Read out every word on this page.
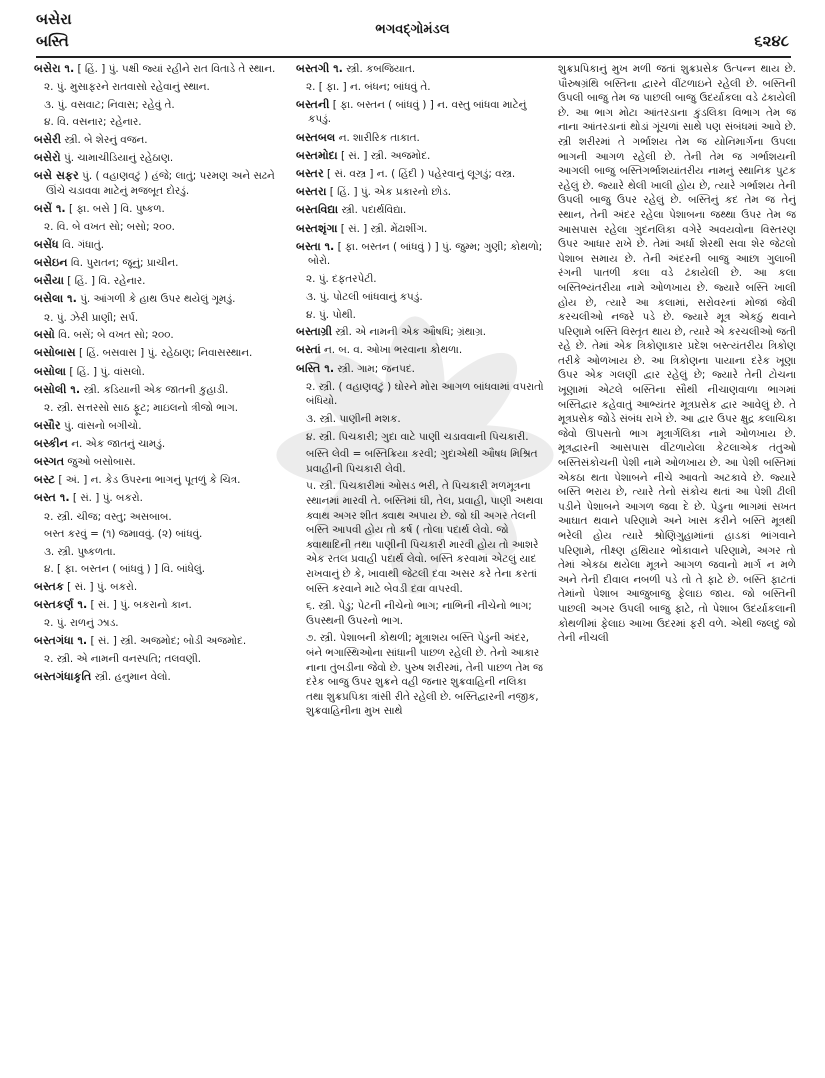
બસેરા
બસ્તિ
ભગવદ્ગોમંડલ
૬૨૪૮
બસેરા ૧. [ હિં. ] પું. પક્ષી જ્યાં રહીને રાત વિતાડે તે સ્થાન.
૨. પું. મુસાફરને રાતવાસો રહેવાનું સ્થાન.
૩. પું. વસવાટ; નિવાસ; રહેવું તે.
૪. વિ. વસનાર; રહેનાર.
બસેરી સ્ત્રી. બે શેરનું વજન.
બસેરો પું. ચામાચીડિયાનું રહેઠાણ.
બસે સફર પું. ( વહાણવટું ) હંજે; લાતું; પરમણ અને સઢને ઊંચે ચડાવવા માટેનું મજબૂત દોરડું.
બસેં ૧. [ ફા. બસે ] વિ. પુષ્કળ.
૨. વિ. બે વખત સો; બસો; ૨૦૦.
બસેંધ વિ. ગંધાતું.
બસેઇન વિ. પુરાતન; જૂનું; પ્રાચીન.
બસૈયા [ હિં. ] વિ. રહેનાર.
બસેલા ૧. પું. આંગળી કે હાથ ઉપર થયેલું ગૂમડું.
૨. પું. ઝેરી પ્રાણી; સર્પ.
બસો વિ. બસેં; બે વખત સો; ૨૦૦.
બસોબાસ [ હિં. બસવાસ ] પું. રહેઠાણ; નિવાસસ્થાન.
બસોલા [ હિં. ] પું. વાંસલો.
બસોલી ૧. સ્ત્રી. કડિયાની એક જાતની કુહાડી.
૨. સ્ત્રી. સત્તરસો સાઠ ફૂટ; માઇલનો ત્રીજો ભાગ.
બસૌર પું. વાંસનો બગીચો.
બસ્કીન ન. એક જાતનું ચામડું.
બસ્ગત જુઓ બસોબાસ.
બસ્ટ [ અં. ] ન. કેડ ઉપરના ભાગનું પૂતળું કે ચિત્ર.
બસ્ત ૧. [ સં. ] પું. બકરો.
૨. સ્ત્રી. ચીજ; વસ્તુ; અસબાબ.
બસ્ત કરવું = (૧) જમાવવું. (૨) બાંધવું.
૩. સ્ત્રી. પુષ્કળતા.
૪. [ ફા. બસ્તન ( બાંધવું ) ] વિ. બાંધેલું.
બસ્તક [ સં. ] પું. બકરો.
બસ્તકર્ણ ૧. [ સં. ] પું. બકરાનો કાન.
૨. પું. રાળનું ઝાડ.
બસ્તગંધા ૧. [ સં. ] સ્ત્રી. અજમોદ; બોડી અજમોદ.
૨. સ્ત્રી. એ નામની વનસ્પતિ; તલવણી.
બસ્તગંધાકૃતિ સ્ત્રી. હનુમાન વેલો.
બસ્તગી ૧. સ્ત્રી. કબજિયાત.
૨. [ ફા. ] ન. બંધન; બાંધવું તે.
બસ્તની [ ફા. બસ્તન ( બાંધવું ) ] ન. વસ્તુ બાંધવા માટેનું કપડું.
બસ્તબલ ન. શારીરિક તાકાત.
બસ્તમોદા [ સં. ] સ્ત્રી. અજમોદ.
બસ્તર [ સં. વસ્ત્ર ] ન. ( હિંદી ) પહેરવાનું લૂગડું; વસ્ત્ર.
બસ્તરા [ હિં. ] પું. એક પ્રકારનો છોડ.
બસ્તવિદ્યા સ્ત્રી. પદાર્થવિદ્યા.
બસ્તશૃંગા [ સં. ] સ્ત્રી. મેંઢાશીંગ.
બસ્તા ૧. [ ફા. બસ્તન ( બાંધવું ) ] પું. જુમ્મ; ગુણી; કોથળો; બોરો.
૨. પું. દફતરપેટી.
૩. પું. પોટલી બાંધવાનું કપડું.
૪. પું. પોથી.
બસ્તાગ્રી સ્ત્રી. એ નામની એક ઔષધિ; ગ્રંથાગ્ર.
બસ્તાં ન. બ. વ. ઓખા ભરવાના કોથળા.
બસ્તિ ૧. સ્ત્રી. ગામ; જનપદ.
૨. સ્ત્રી. ( વહાણવટું ) ઘોરને મોરા આગળ બાંધવામાં વપરાતો બંધિયો.
૩. સ્ત્રી. પાણીની મશક.
૪. સ્ત્રી. પિચકારી; ગુદા વાટે પાણી ચડાવવાની પિચકારી.
બસ્તિ લેવી = બસ્તિક્રિયા કરવી; ગુદાએથી ઔષધ મિશ્રિત પ્રવાહીની પિચકારી લેવી.
૫. સ્ત્રી. પિચકારીમાં ઓસડ ભરી, તે પિચકારી મળમૂત્રના સ્થાનમાં મારવી તે. બસ્તિમાં ઘી, તેલ, પ્રવાહી, પાણી અથવા ક્વાથ અગર શીત ક્વાથ અપાય છે. જો ઘી અગર તેલની બસ્તિ આપવી હોય તો કર્ષ ( તોલા પદાર્થ લેવો. જો ક્વાથાદિની તથા પાણીની પિચકારી મારવી હોય તો આશરે એક રતલ પ્રવાહી પદાર્થ લેવો. બસ્તિ કરવામાં એટલું યાદ રાખવાનું છે કે, ખાવાથી જેટલી દવા અસર કરે તેના કરતાં બસ્તિ કરવાને માટે બેવડી દવા વાપરવી.
૬. સ્ત્રી. પેડુ; પેટની નીચેનો ભાગ; નાભિની નીચેનો ભાગ; ઉપસ્થની ઉપરનો ભાગ.
૭. સ્ત્રી. પેશાબની કોથળી; મૂત્રાશય બસ્તિ પેડુની અંદર, બંને ભગાસ્થિઓના સાંધાની પાછળ રહેલી છે. તેનો આકાર નાના તુંબડીના જેવો છે. પુરુષ શરીરમાં, તેની પાછળ તેમ જ દરેક બાજુ ઉપર શુક્રને વહી જનાર શુક્રવાહિની નલિકા તથા શુક્રપ્રપિકા ત્રાંસી રીતે રહેલી છે. બસ્તિદ્વારની નજીક, શુક્રવાહિનીના મુખ સાથે
શુક્રપ્રપિકાનું મુખ મળી જતાં શુક્રપ્રસેક ઉત્પન્ન થાય છે. પૌરુષગ્રંથિ બસ્તિના દ્વારને વીંટળાઇને રહેલી છે. બસ્તિની ઉપલી બાજુ તેમ જ પાછલી બાજુ ઉદર્યાકલા વડે ઢંકાયેલી છે. આ ભાગ મોટા આંતરડાના કુંડલિકા વિભાગ તેમ જ નાના આંતરડાનાં થોડાં ગૂંચળાં સાથે પણ સંબંધમાં આવે છે. સ્ત્રી શરીરમાં તે ગર્ભાશય તેમ જ યોનિમાર્ગના ઉપલા ભાગની આગળ રહેલી છે. તેની તેમ જ ગર્ભાશયની આગલી બાજુ બસ્તિગર્ભાશયાંતરીય નામનું સ્થાનિક પુટક રહેલું છે. જ્યારે થેલી ખાલી હોય છે, ત્યારે ગર્ભાશય તેની ઉપલી બાજુ ઉપર રહેલું છે. બસ્તિનું કદ તેમ જ તેનું સ્થાન, તેની અંદર રહેલા પેશાબના જથ્થા ઉપર તેમ જ આસપાસ રહેલા ગુદનલિકા વગેરે અવયવોના વિસ્તરણ ઉપર આધાર રાખે છે. તેમાં અર્ધા શેરથી સવા શેર જેટલો પેશાબ સમાય છે. તેની અંદરની બાજુ આછા ગુલાબી રંગની પાતળી કલા વડે ઢંકાયેલી છે. આ કલા બસ્તિભ્યંતરીયા નામે ઓળખાય છે. જ્યારે બસ્તિ ખાલી હોય છે, ત્યારે આ કલામાં, સરોવરનાં મોજાં જેવી કરચલીઓ નજરે પડે છે. જ્યારે મૂત્ર એકઠું થવાને પરિણામે બસ્તિ વિસ્તૃત થાય છે, ત્યારે એ કરચલીઓ જતી રહે છે. તેમાં એક ત્રિકોણાકાર પ્રદેશ બસ્ત્યંતરીય ત્રિકોણ તરીકે ઓળખાય છે. આ ત્રિકોણના પાયાના દરેક ખૂણા ઉપર એક ગલણી દ્વાર રહેલું છે; જ્યારે તેની ટોચના ખૂણામાં એટલે બસ્તિના સૌથી નીચાણવાળા ભાગમાં બસ્તિદ્વાર કહેવાતું આભ્યંતર મૂત્રપ્રસેક દ્વાર આવેલું છે. તે મૂત્રપ્રસેક જોડે સંબંધ રાખે છે. આ દ્વાર ઉપર ક્ષુદ્ર કલાચિકા જેવો ઊપસતો ભાગ મૂત્રાર્ગલિકા નામે ઓળખાય છે. મૂત્રદ્વારની આસપાસ વીંટળાયેલા કેટલાએક તંતુઓ બસ્તિસંકોચની પેશી નામે ઓળખાય છે. આ પેશી બસ્તિમાં એકઠા થતા પેશાબને નીચે આવતો અટકાવે છે. જ્યારે બસ્તિ ભરાય છે, ત્યારે તેનો સંકોચ થતાં આ પેશી ઢીલી પડીને પેશાબને આગળ જવા દે છે. પેડુના ભાગમાં સખત આઘાત થવાને પરિણામે અને ખાસ કરીને બસ્તિ મૂત્રથી ભરેલી હોય ત્યારે શ્રોણિગુહામાંનાં હાડકાં ભાંગવાને પરિણામે, તીક્ષ્ણ હથિયાર ભોંકાવાને પરિણામે, અગર તો તેમાં એકઠા થયેલા મૂત્રને આગળ જવાનો માર્ગ ન મળે અને તેની દીવાલ નબળી પડે તો તે ફાટે છે. બસ્તિ ફાટતાં તેમાંનો પેશાબ આજુબાજુ ફેલાઇ જાય. જો બસ્તિની પાછલી અગર ઉપલી બાજુ ફાટે, તો પેશાબ ઉદર્યાકલાની કોથળીમાં ફેલાઇ આખા ઉદરમાં ફરી વળે. એથી જલદું જો તેની નીચલી
